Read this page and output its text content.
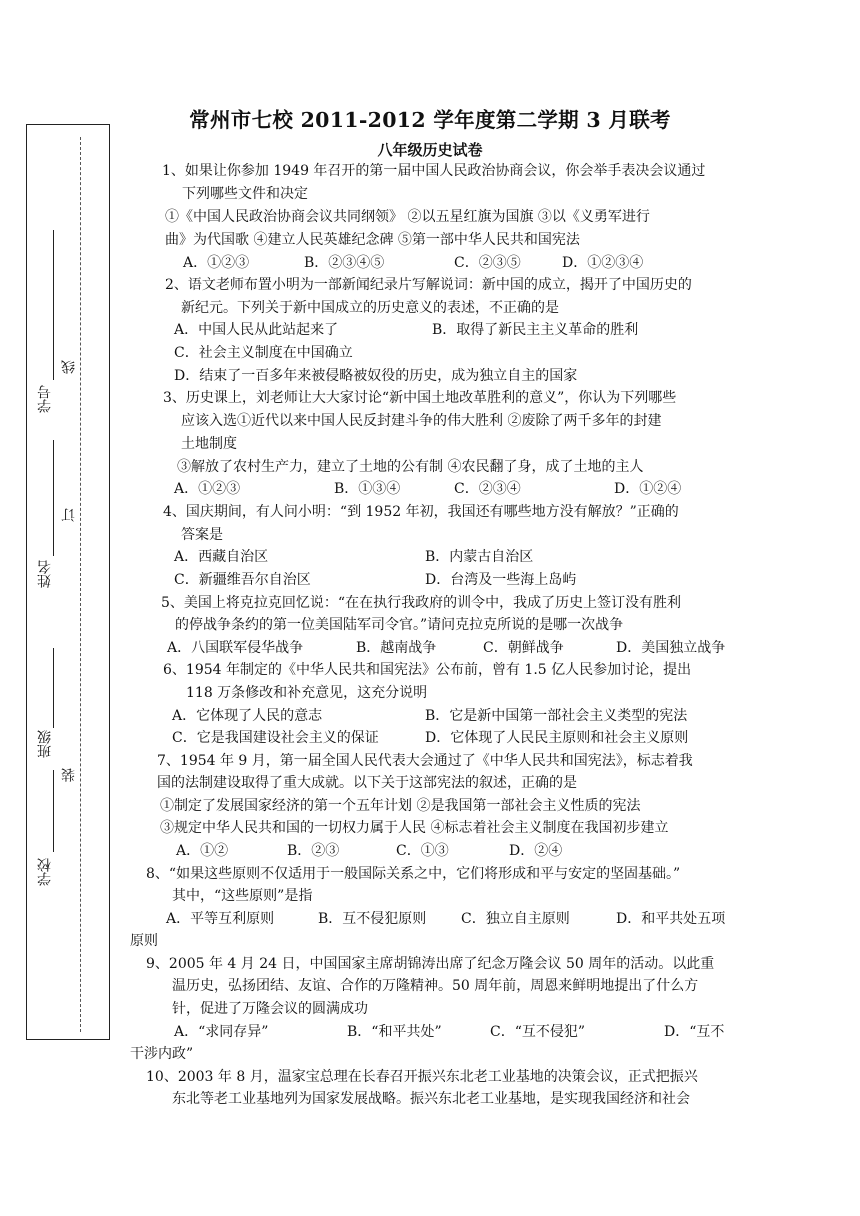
学校
班级
姓名
学号
装
订
线
常州市七校 2011-2012 学年度第二学期 3 月联考
八年级历史试卷
1、如果让你参加 1949 年召开的第一届中国人民政治协商会议，你会举手表决会议通过
下列哪些文件和决定
①《中国人民政治协商会议共同纲领》 ②以五星红旗为国旗 ③以《义勇军进行
曲》为代国歌 ④建立人民英雄纪念碑 ⑤第一部中华人民共和国宪法
A．①②③	B．②③④⑤	C．②③⑤	D．①②③④
2、语文老师布置小明为一部新闻纪录片写解说词：新中国的成立，揭开了中国历史的
新纪元。下列关于新中国成立的历史意义的表述，不正确的是
A．中国人民从此站起来了	B．取得了新民主主义革命的胜利
C．社会主义制度在中国确立
D．结束了一百多年来被侵略被奴役的历史，成为独立自主的国家
3、历史课上，刘老师让大大家讨论“新中国土地改革胜利的意义”，你认为下列哪些
应该入选①近代以来中国人民反封建斗争的伟大胜利 ②废除了两千多年的封建
土地制度
③解放了农村生产力，建立了土地的公有制 ④农民翻了身，成了土地的主人
A．①②③	B．①③④	C．②③④	D．①②④
4、国庆期间，有人问小明：“到 1952 年初，我国还有哪些地方没有解放？”正确的
答案是
A．西藏自治区	B．内蒙古自治区
C．新疆维吾尔自治区	D．台湾及一些海上岛屿
5、美国上将克拉克回忆说：“在在执行我政府的训令中，我成了历史上签订没有胜利
的停战争条约的第一位美国陆军司令官。”请问克拉克所说的是哪一次战争
A．八国联军侵华战争	B．越南战争	C．朝鲜战争	D．美国独立战争
6、1954 年制定的《中华人民共和国宪法》公布前，曾有 1.5 亿人民参加讨论，提出
118 万条修改和补充意见，这充分说明
A．它体现了人民的意志	B．它是新中国第一部社会主义类型的宪法
C．它是我国建设社会主义的保证	D．它体现了人民民主原则和社会主义原则
7、1954 年 9 月，第一届全国人民代表大会通过了《中华人民共和国宪法》，标志着我
国的法制建设取得了重大成就。以下关于这部宪法的叙述，正确的是
①制定了发展国家经济的第一个五年计划 ②是我国第一部社会主义性质的宪法
③规定中华人民共和国的一切权力属于人民 ④标志着社会主义制度在我国初步建立
A．①②	B．②③	C．①③	D．②④
8、“如果这些原则不仅适用于一般国际关系之中，它们将形成和平与安定的坚固基础。”
其中，“这些原则”是指
A．平等互利原则	B．互不侵犯原则 C．独立自主原则	D．和平共处五项
原则
9、2005 年 4 月 24 日，中国国家主席胡锦涛出席了纪念万隆会议 50 周年的活动。以此重
温历史，弘扬团结、友谊、合作的万隆精神。50 周年前，周恩来鲜明地提出了什么方
针，促进了万隆会议的圆满成功
A．“求同存异”	B．“和平共处”	C．“互不侵犯”	D．“互不
干涉内政”
10、2003 年 8 月，温家宝总理在长春召开振兴东北老工业基地的决策会议，正式把振兴
东北等老工业基地列为国家发展战略。振兴东北老工业基地，是实现我国经济和社会
